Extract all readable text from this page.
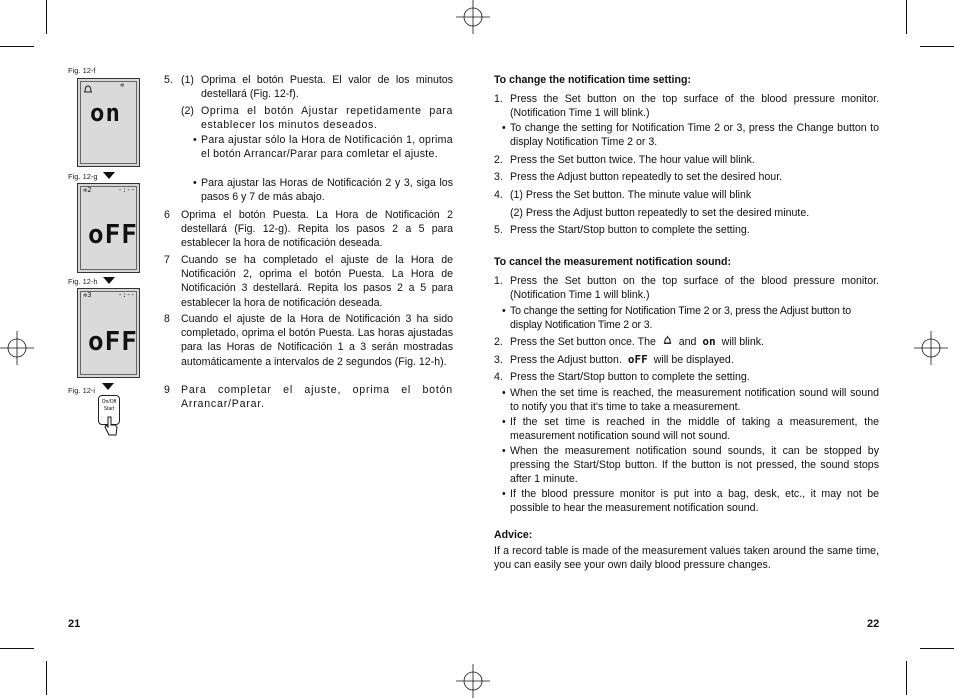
Fig. 12-f
✲
on
Fig. 12-g
✲2	-:--
oFF
Fig. 12-h
✲3	-:--
oFF
Fig. 12-i
On/Off
Start
5. (1) Oprima el botón Puesta. El valor de los minutos destellará (Fig. 12-f).
(2) Oprima el botón Ajustar repetidamente para establecer los minutos deseados.
• Para ajustar sólo la Hora de Notificación 1, oprima el botón Arrancar/Parar para comletar el ajuste.
• Para ajustar las Horas de Notificación 2 y 3, siga los pasos 6 y 7 de más abajo.
6 Oprima el botón Puesta. La Hora de Notificación 2 destellará (Fig. 12-g). Repita los pasos 2 a 5 para establecer la hora de notificación deseada.
7 Cuando se ha completado el ajuste de la Hora de Notificación 2, oprima el botón Puesta. La Hora de Notificación 3 destellará. Repita los pasos 2 a 5 para establecer la hora de notificación deseada.
8 Cuando el ajuste de la Hora de Notificación 3 ha sido completado, oprima el botón Puesta. Las horas ajustadas para las Horas de Notificación 1 a 3 serán mostradas automáticamente a intervalos de 2 segundos (Fig. 12-h).
9 Para completar el ajuste, oprima el botón Arrancar/Parar.
21
To change the notification time setting:
1. Press the Set button on the top surface of the blood pressure monitor. (Notification Time 1 will blink.)
• To change the setting for Notification Time 2 or 3, press the Change button to display Notification Time 2 or 3.
2. Press the Set button twice. The hour value will blink.
3. Press the Adjust button repeatedly to set the desired hour.
4. (1) Press the Set button. The minute value will blink
(2) Press the Adjust button repeatedly to set the desired minute.
5. Press the Start/Stop button to complete the setting.
To cancel the measurement notification sound:
1. Press the Set button on the top surface of the blood pressure monitor. (Notification Time 1 will blink.)
• To change the setting for Notification Time 2 or 3, press the Adjust button to display Notification Time 2 or 3.
2. Press the Set button once. The and on will blink.
3. Press the Adjust button. oFF will be displayed.
4. Press the Start/Stop button to complete the setting.
• When the set time is reached, the measurement notification sound will sound to notify you that it's time to take a measurement.
• If the set time is reached in the middle of taking a measurement, the measurement notification sound will not sound.
• When the measurement notification sound sounds, it can be stopped by pressing the Start/Stop button. If the button is not pressed, the sound stops after 1 minute.
• If the blood pressure monitor is put into a bag, desk, etc., it may not be possible to hear the measurement notification sound.
Advice:
If a record table is made of the measurement values taken around the same time, you can easily see your own daily blood pressure changes.
22
